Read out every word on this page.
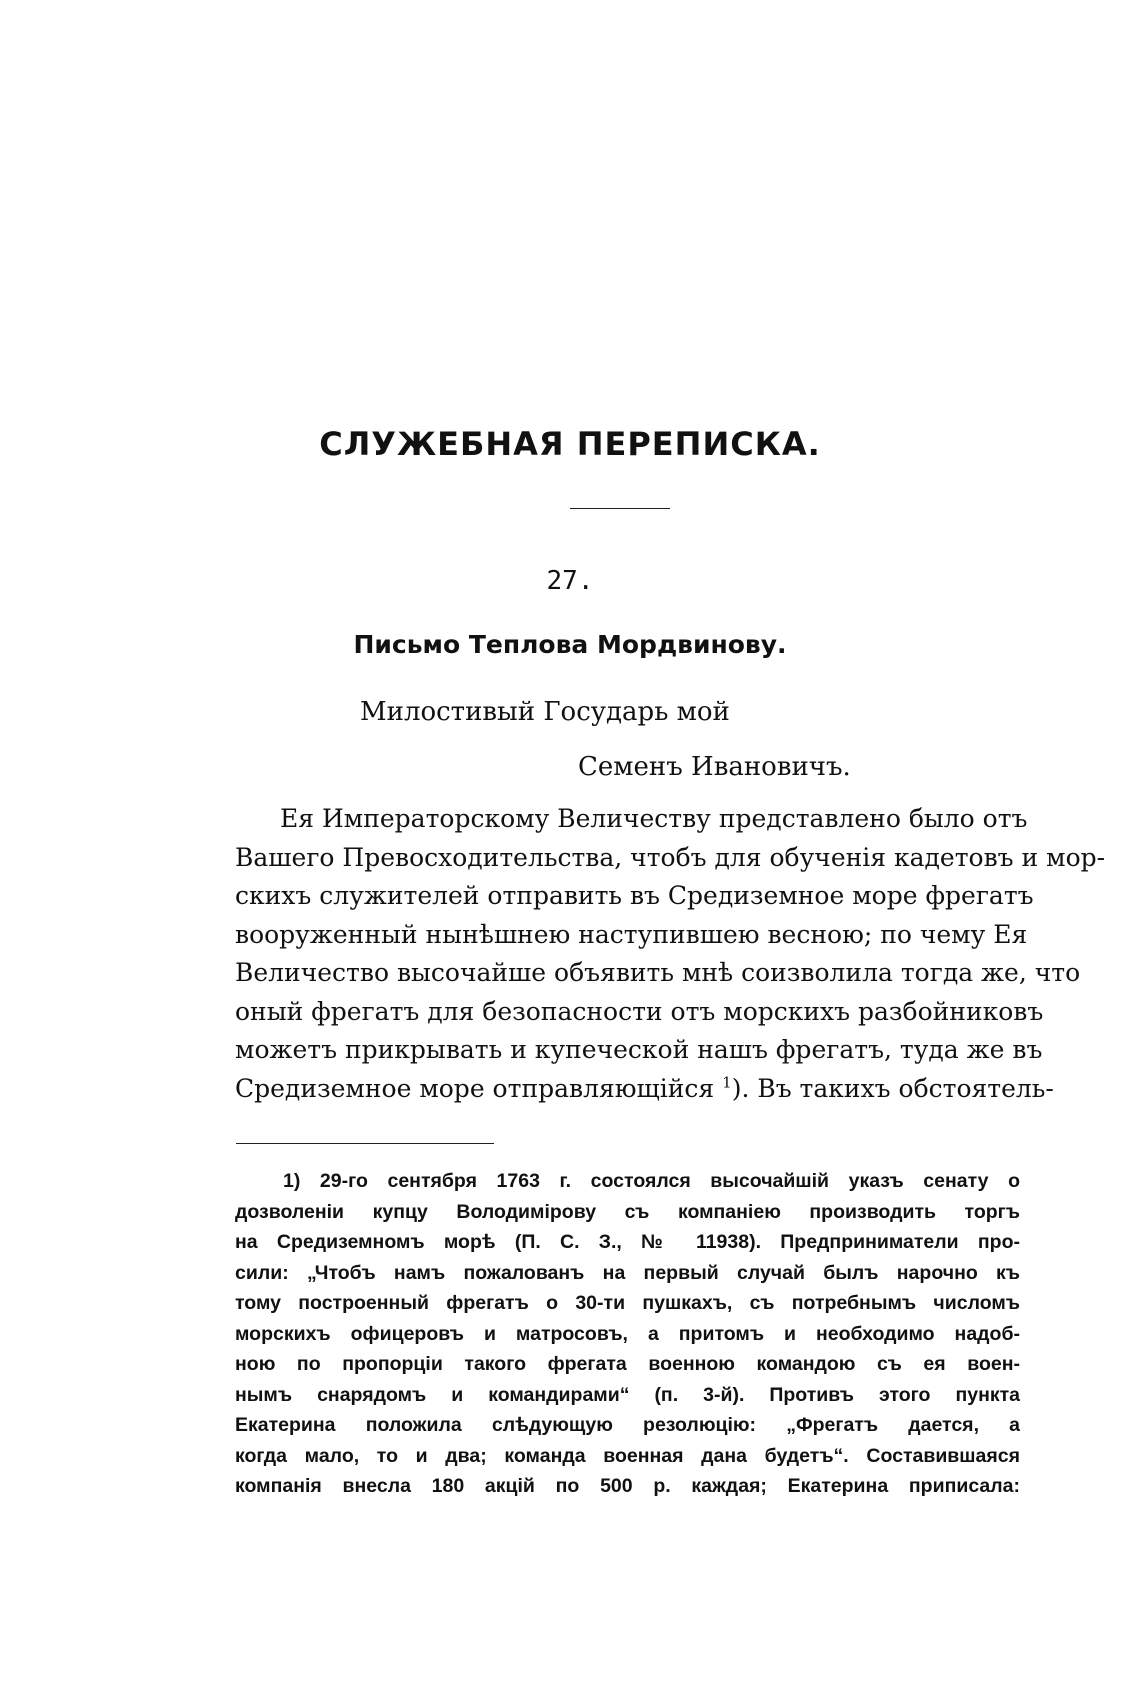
СЛУЖЕБНАЯ ПЕРЕПИСКА.
27.
Письмо Теплова Мордвинову.
Милостивый Государь мой
Семенъ Ивановичъ.
Ея Императорскому Величеству представлено было отъ
Вашего Превосходительства, чтобъ для обученія кадетовъ и мор-
скихъ служителей отправить въ Средиземное море фрегатъ
вооруженный нынѣшнею наступившею весною; по чему Ея
Величество высочайше объявить мнѣ соизволила тогда же, что
оный фрегатъ для безопасности отъ морскихъ разбойниковъ
можетъ прикрывать и купеческой нашъ фрегатъ, туда же въ
Средиземное море отправляющійся $^1$). Въ такихъ обстоятель-
1) 29-го сентября 1763 г. состоялся высочайшій указъ сенату о
дозволеніи купцу Володимірову съ компаніею производить торгъ
на Средиземномъ морѣ (П. С. З., № 11938). Предприниматели про-
сили: „Чтобъ намъ пожалованъ на первый случай былъ нарочно къ
тому построенный фрегатъ о 30-ти пушкахъ, съ потребнымъ числомъ
морскихъ офицеровъ и матросовъ, а притомъ и необходимо надоб-
ною по пропорціи такого фрегата военною командою съ ея воен-
нымъ снарядомъ и командирами“ (п. 3-й). Противъ этого пункта
Екатерина положила слѣдующую резолюцію: „Фрегатъ дается, а
когда мало, то и два; команда военная дана будетъ“. Составившаяся
компанія внесла 180 акцій по 500 р. каждая; Екатерина приписала:
